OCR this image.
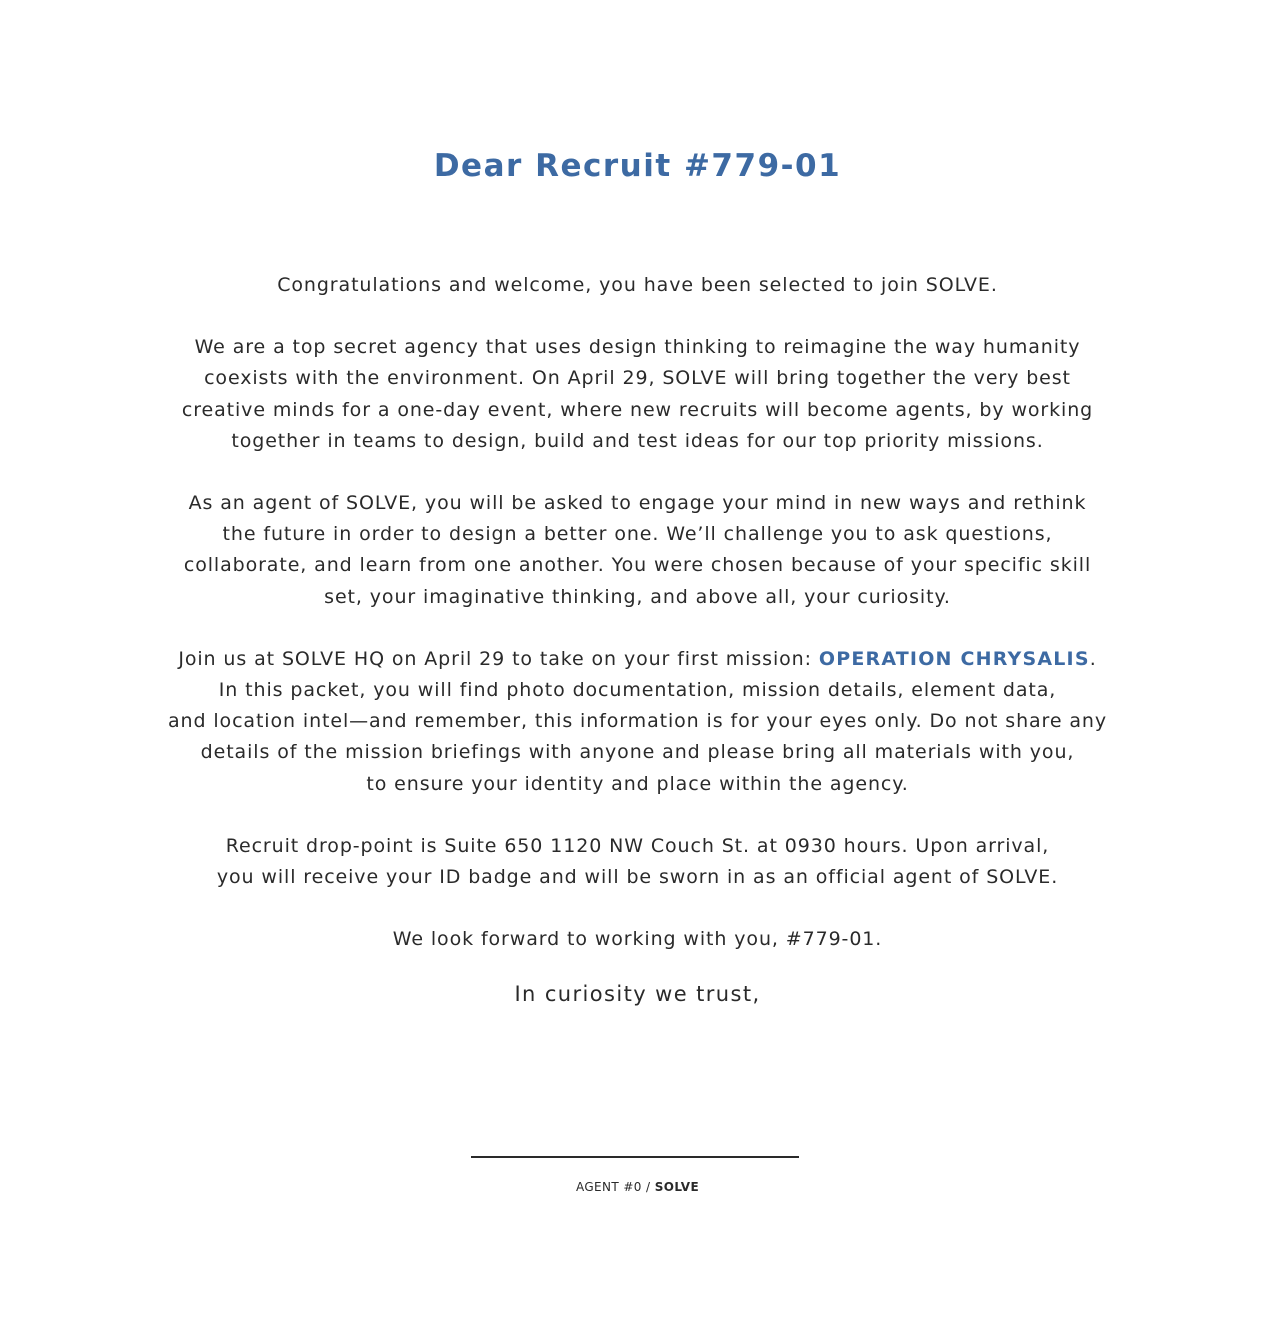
Dear Recruit #779-01

Congratulations and welcome, you have been selected to join SOLVE.

We are a top secret agency that uses design thinking to reimagine the way humanity
coexists with the environment. On April 29, SOLVE will bring together the very best
creative minds for a one-day event, where new recruits will become agents, by working
together in teams to design, build and test ideas for our top priority missions.

As an agent of SOLVE, you will be asked to engage your mind in new ways and rethink
the future in order to design a better one. We’ll challenge you to ask questions,
collaborate, and learn from one another. You were chosen because of your specific skill
set, your imaginative thinking, and above all, your curiosity.

Join us at SOLVE HQ on April 29 to take on your first mission: OPERATION CHRYSALIS.
In this packet, you will find photo documentation, mission details, element data,
and location intel—and remember, this information is for your eyes only. Do not share any
details of the mission briefings with anyone and please bring all materials with you,
to ensure your identity and place within the agency.

Recruit drop-point is Suite 650 1120 NW Couch St. at 0930 hours. Upon arrival,
you will receive your ID badge and will be sworn in as an official agent of SOLVE.

We look forward to working with you, #779-01.

In curiosity we trust,
AGENT #0 / SOLVE
